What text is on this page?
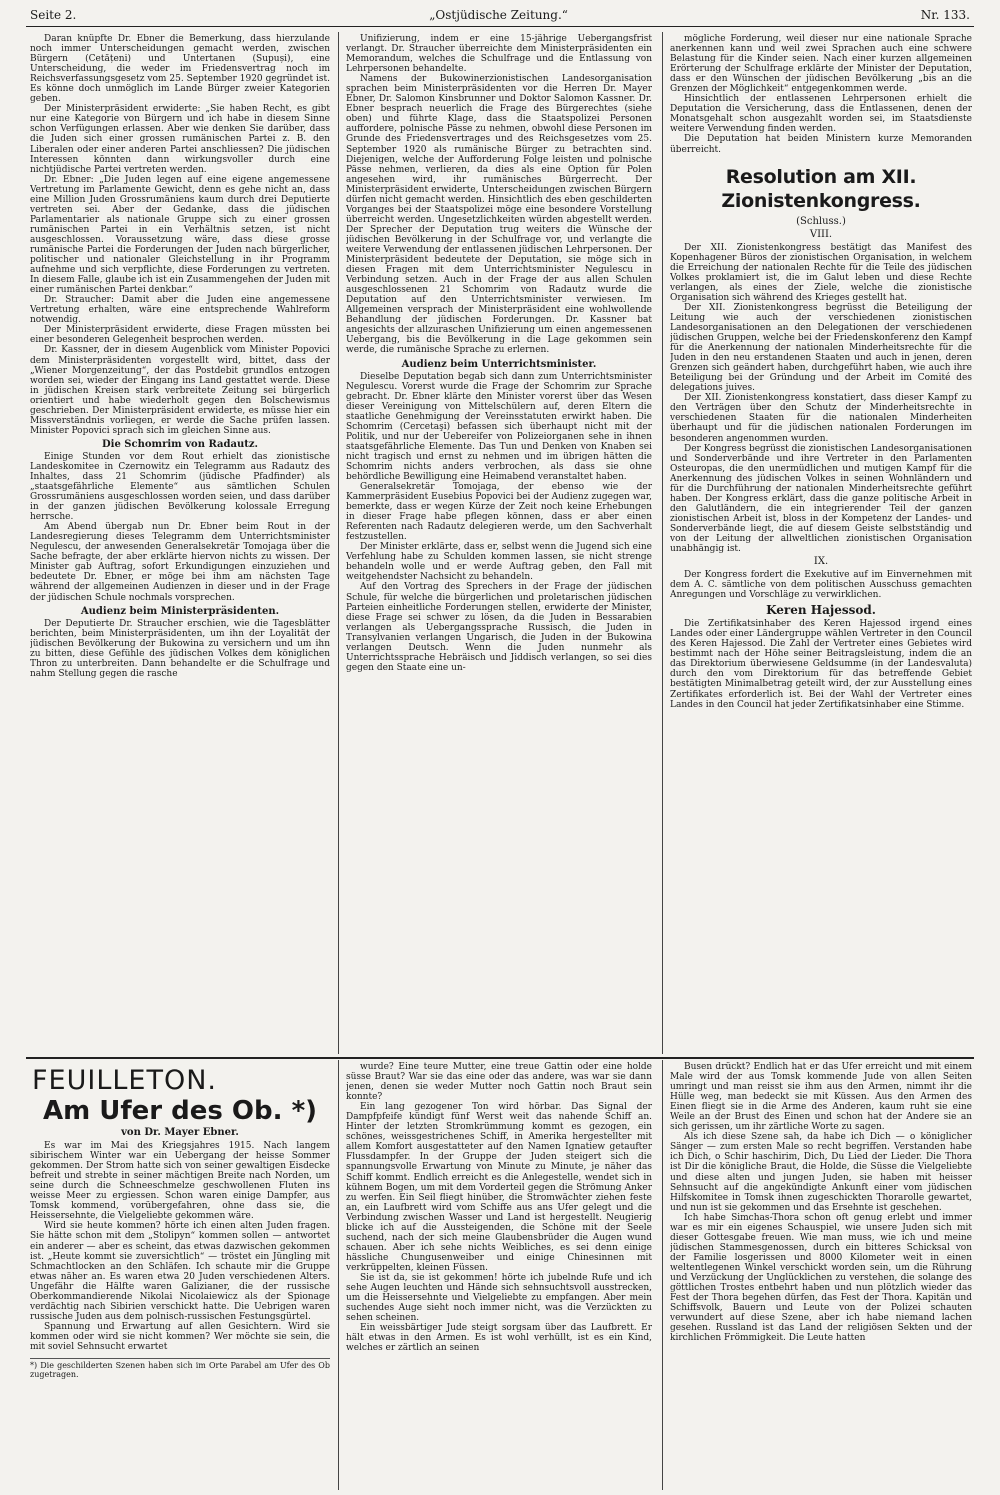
Seite 2.	„Ostjüdische Zeitung.“	Nr. 133.

Daran knüpfte Dr. Ebner die Bemerkung, dass hierzulande noch immer Unterscheidungen gemacht werden, zwischen Bürgern (Cetățeni) und Untertanen (Supuși), eine Unterscheidung, die weder im Friedensvertrag noch im Reichsverfassungsgesetz vom 25. September 1920 gegründet ist. Es könne doch unmöglich im Lande Bürger zweier Kategorien geben.

Der Ministerpräsident erwiderte: „Sie haben Recht, es gibt nur eine Kategorie von Bürgern und ich habe in diesem Sinne schon Verfügungen erlassen. Aber wie denken Sie darüber, dass die Juden sich einer grossen rumänischen Partei z. B. den Liberalen oder einer anderen Partei anschliessen? Die jüdischen Interessen könnten dann wirkungsvoller durch eine nichtjüdische Partei vertreten werden.

Dr. Ebner: „Die Juden legen auf eine eigene angemessene Vertretung im Parlamente Gewicht, denn es gehe nicht an, dass eine Million Juden Grossrumäniens kaum durch drei Deputierte vertreten sei. Aber der Gedanke, dass die jüdischen Parlamentarier als nationale Gruppe sich zu einer grossen rumänischen Partei in ein Verhältnis setzen, ist nicht ausgeschlossen. Voraussetzung wäre, dass diese grosse rumänische Partei die Forderungen der Juden nach bürgerlicher, politischer und nationaler Gleichstellung in ihr Programm aufnehme und sich verpflichte, diese Forderungen zu vertreten. In diesem Falle, glaube ich ist ein Zusammengehen der Juden mit einer rumänischen Partei denkbar.“

Dr. Straucher: Damit aber die Juden eine angemessene Vertretung erhalten, wäre eine entsprechende Wahlreform notwendig.

Der Ministerpräsident erwiderte, diese Fragen müssten bei einer besonderen Gelegenheit besprochen werden.

Dr. Kassner, der in diesem Augenblick vom Minister Popovici dem Ministerpräsidenten vorgestellt wird, bittet, dass der „Wiener Morgenzeitung“, der das Postdebit grundlos entzogen worden sei, wieder der Eingang ins Land gestattet werde. Diese in jüdischen Kreisen stark verbreitete Zeitung sei bürgerlich orientiert und habe wiederholt gegen den Bolschewismus geschrieben. Der Ministerpräsident erwiderte, es müsse hier ein Missverständnis vorliegen, er werde die Sache prüfen lassen. Minister Popovici sprach sich im gleichen Sinne aus.

Die Schomrim von Radautz.

Einige Stunden vor dem Rout erhielt das zionistische Landeskomitee in Czernowitz ein Telegramm aus Radautz des Inhaltes, dass 21 Schomrim (jüdische Pfadfinder) als „staatsgefährliche Elemente“ aus sämtlichen Schulen Grossrumäniens ausgeschlossen worden seien, und dass darüber in der ganzen jüdischen Bevölkerung kolossale Erregung herrsche.

Am Abend übergab nun Dr. Ebner beim Rout in der Landesregierung dieses Telegramm dem Unterrichtsminister Negulescu, der anwesenden Generalsekretär Tomojaga über die Sache befragte, der aber erklärte hiervon nichts zu wissen. Der Minister gab Auftrag, sofort Erkundigungen einzuziehen und bedeutete Dr. Ebner, er möge bei ihm am nächsten Tage während der allgemeinen Audienzen in dieser und in der Frage der jüdischen Schule nochmals vorsprechen.

Audienz beim Ministerpräsidenten.

Der Deputierte Dr. Straucher erschien, wie die Tagesblätter berichten, beim Ministerpräsidenten, um ihn der Loyalität der jüdischen Bevölkerung der Bukowina zu versichern und um ihn zu bitten, diese Gefühle des jüdischen Volkes dem königlichen Thron zu unterbreiten. Dann behandelte er die Schulfrage und nahm Stellung gegen die rasche

Unifizierung, indem er eine 15-jährige Uebergangsfrist verlangt. Dr. Straucher überreichte dem Ministerpräsidenten ein Memorandum, welches die Schulfrage und die Entlassung von Lehrpersonen behandelte.

Namens der Bukowinerzionistischen Landesorganisation sprachen beim Ministerpräsidenten vor die Herren Dr. Mayer Ebner, Dr. Salomon Kinsbrunner und Doktor Salomon Kassner. Dr. Ebner besprach neuerlich die Frage des Bürgerechtes (siehe oben) und führte Klage, dass die Staatspolizei Personen auffordere, polnische Pässe zu nehmen, obwohl diese Personen im Grunde des Friedensvertrages und des Reichsgesetzes vom 25. September 1920 als rumänische Bürger zu betrachten sind. Diejenigen, welche der Aufforderung Folge leisten und polnische Pässe nehmen, verlieren, da dies als eine Option für Polen angesehen wird, ihr rumänisches Bürgerrecht. Der Ministerpräsident erwiderte, Unterscheidungen zwischen Bürgern dürfen nicht gemacht werden. Hinsichtlich des eben geschilderten Vorganges bei der Staatspolizei möge eine besondere Vorstellung überreicht werden. Ungesetzlichkeiten würden abgestellt werden. Der Sprecher der Deputation trug weiters die Wünsche der jüdischen Bevölkerung in der Schulfrage vor, und verlangte die weitere Verwendung der entlassenen jüdischen Lehrpersonen. Der Ministerpräsident bedeutete der Deputation, sie möge sich in diesen Fragen mit dem Unterrichtsminister Negulescu in Verbindung setzen. Auch in der Frage der aus allen Schulen ausgeschlossenen 21 Schomrim von Radautz wurde die Deputation auf den Unterrichtsminister verwiesen. Im Allgemeinen versprach der Ministerpräsident eine wohlwollende Behandlung der jüdischen Forderungen. Dr. Kassner bat angesichts der allzuraschen Unifizierung um einen angemessenen Uebergang, bis die Bevölkerung in die Lage gekommen sein werde, die rumänische Sprache zu erlernen.

Audienz beim Unterrichtsminister.

Dieselbe Deputation begab sich dann zum Unterrichtsminister Negulescu. Vorerst wurde die Frage der Schomrim zur Sprache gebracht. Dr. Ebner klärte den Minister vorerst über das Wesen dieser Vereinigung von Mittelschülern auf, deren Eltern die staatliche Genehmigung der Vereinsstatuten erwirkt haben. Die Schomrim (Cercetaşi) befassen sich überhaupt nicht mit der Politik, und nur der Uebereifer von Polizeiorganen sehe in ihnen staatsgefährliche Elemente. Das Tun und Denken von Knaben sei nicht tragisch und ernst zu nehmen und im übrigen hätten die Schomrim nichts anders verbrochen, als dass sie ohne behördliche Bewilligung eine Heimabend veranstaltet haben.

Generalsekretär Tomojaga, der ebenso wie der Kammerpräsident Eusebius Popovici bei der Audienz zugegen war, bemerkte, dass er wegen Kürze der Zeit noch keine Erhebungen in dieser Frage habe pflegen können, dass er aber einen Referenten nach Radautz delegieren werde, um den Sachverhalt festzustellen.

Der Minister erklärte, dass er, selbst wenn die Jugend sich eine Verfehlung habe zu Schulden kommen lassen, sie nicht strenge behandeln wolle und er werde Auftrag geben, den Fall mit weitgehendster Nachsicht zu behandeln.

Auf den Vortrag des Sprechers in der Frage der jüdischen Schule, für welche die bürgerlichen und proletarischen jüdischen Parteien einheitliche Forderungen stellen, erwiderte der Minister, diese Frage sei schwer zu lösen, da die Juden in Bessarabien verlangen als Uebergangssprache Russisch, die Juden in Transylvanien verlangen Ungarisch, die Juden in der Bukowina verlangen Deutsch. Wenn die Juden nunmehr als Unterrichtssprache Hebräisch und Jiddisch verlangen, so sei dies gegen den Staate eine un-

mögliche Forderung, weil dieser nur eine nationale Sprache anerkennen kann und weil zwei Sprachen auch eine schwere Belastung für die Kinder seien. Nach einer kurzen allgemeinen Erörterung der Schulfrage erklärte der Minister der Deputation, dass er den Wünschen der jüdischen Bevölkerung „bis an die Grenzen der Möglichkeit“ entgegenkommen werde.

Hinsichtlich der entlassenen Lehrpersonen erhielt die Deputation die Versicherung, dass die Entlassenen, denen der Monatsgehalt schon ausgezahlt worden sei, im Staatsdienste weitere Verwendung finden werden.

Die Deputation hat beiden Ministern kurze Memoranden überreicht.

Resolution am XII. Zionistenkongress.
(Schluss.)
VIII.

Der XII. Zionistenkongress bestätigt das Manifest des Kopenhagener Büros der zionistischen Organisation, in welchem die Erreichung der nationalen Rechte für die Teile des jüdischen Volkes proklamiert ist, die im Galut leben und diese Rechte verlangen, als eines der Ziele, welche die zionistische Organisation sich während des Krieges gestellt hat.

Der XII. Zionistenkongress begrüsst die Beteiligung der Leitung wie auch der verschiedenen zionistischen Landesorganisationen an den Delegationen der verschiedenen jüdischen Gruppen, welche bei der Friedenskonferenz den Kampf für die Anerkennung der nationalen Minderheitsrechte für die Juden in den neu erstandenen Staaten und auch in jenen, deren Grenzen sich geändert haben, durchgeführt haben, wie auch ihre Beteiligung bei der Gründung und der Arbeit im Comité des delegations juives.

Der XII. Zionistenkongress konstatiert, dass dieser Kampf zu den Verträgen über den Schutz der Minderheitsrechte in verschiedenen Staaten für die nationalen Minderheiten überhaupt und für die jüdischen nationalen Forderungen im besonderen angenommen wurden.

Der Kongress begrüsst die zionistischen Landesorganisationen und Sonderverbände und ihre Vertreter in den Parlamenten Osteuropas, die den unermüdlichen und mutigen Kampf für die Anerkennung des jüdischen Volkes in seinen Wohnländern und für die Durchführung der nationalen Minderheitsrechte geführt haben. Der Kongress erklärt, dass die ganze politische Arbeit in den Galutländern, die ein integrierender Teil der ganzen zionistischen Arbeit ist, bloss in der Kompetenz der Landes- und Sonderverbände liegt, die auf diesem Geiste selbstständig und von der Leitung der allweltlichen zionistischen Organisation unabhängig ist.

IX.

Der Kongress fordert die Exekutive auf im Einvernehmen mit dem A. C. sämtliche von dem politischen Ausschuss gemachten Anregungen und Vorschläge zu verwirklichen.

Keren Hajessod.

Die Zertifikatsinhaber des Keren Hajessod irgend eines Landes oder einer Ländergruppe wählen Vertreter in den Council des Keren Hajessod. Die Zahl der Vertreter eines Gebietes wird bestimmt nach der Höhe seiner Beitragsleistung, indem die an das Direktorium überwiesene Geldsumme (in der Landesvaluta) durch den vom Direktorium für das betreffende Gebiet bestätigten Minimalbetrag geteilt wird, der zur Ausstellung eines Zertifikates erforderlich ist. Bei der Wahl der Vertreter eines Landes in den Council hat jeder Zertifikatsinhaber eine Stimme.

FEUILLETON.
Am Ufer des Ob. *)
von Dr. Mayer Ebner.

Es war im Mai des Kriegsjahres 1915. Nach langem sibirischem Winter war ein Uebergang der heisse Sommer gekommen. Der Strom hatte sich von seiner gewaltigen Eisdecke befreit und strebte in seiner mächtigen Breite nach Norden, um seine durch die Schneeschmelze geschwollenen Fluten ins weisse Meer zu ergiessen. Schon waren einige Dampfer, aus Tomsk kommend, vorübergefahren, ohne dass sie, die Heissersehnte, die Vielgeliebte gekommen wäre.

Wird sie heute kommen? hörte ich einen alten Juden fragen. Sie hätte schon mit dem „Stolipyn“ kommen sollen — antwortet ein anderer — aber es scheint, das etwas dazwischen gekommen ist. „Heute kommt sie zuversichtlich“ — tröstet ein Jüngling mit Schmachtlocken an den Schläfen. Ich schaute mir die Gruppe etwas näher an. Es waren etwa 20 Juden verschiedenen Alters. Ungefähr die Hälfte waren Galizianer, die der russische Oberkommandierende Nikolai Nicolaiewicz als der Spionage verdächtig nach Sibirien verschickt hatte. Die Uebrigen waren russische Juden aus dem polnisch-russischen Festungsgürtel.

Spannung und Erwartung auf allen Gesichtern. Wird sie kommen oder wird sie nicht kommen? Wer möchte sie sein, die mit soviel Sehnsucht erwartet

*) Die geschilderten Szenen haben sich im Orte Parabel am Ufer des Ob zugetragen.

wurde? Eine teure Mutter, eine treue Gattin oder eine holde süsse Braut? War sie das eine oder das andere, was war sie dann jenen, denen sie weder Mutter noch Gattin noch Braut sein konnte?

Ein lang gezogener Ton wird hörbar. Das Signal der Dampfpfeife kündigt fünf Werst weit das nahende Schiff an. Hinter der letzten Stromkrümmung kommt es gezogen, ein schönes, weissgestrichenes Schiff, in Amerika hergestellter mit allem Komfort ausgestatteter auf den Namen Ignatiew getaufter Flussdampfer. In der Gruppe der Juden steigert sich die spannungsvolle Erwartung von Minute zu Minute, je näher das Schiff kommt. Endlich erreicht es die Anlegestelle, wendet sich in kühnem Bogen, um mit dem Vorderteil gegen die Strömung Anker zu werfen. Ein Seil fliegt hinüber, die Stromwächter ziehen feste an, ein Laufbrett wird vom Schiffe aus ans Ufer gelegt und die Verbindung zwischen Wasser und Land ist hergestellt. Neugierig blicke ich auf die Aussteigenden, die Schöne mit der Seele suchend, nach der sich meine Glaubensbrüder die Augen wund schauen. Aber ich sehe nichts Weibliches, es sei denn einige hässliche Chungusenweiber und einige Chinesinnen mit verkrüppelten, kleinen Füssen.

Sie ist da, sie ist gekommen! hörte ich jubelnde Rufe und ich sehe Augen leuchten und Hände sich sehnsuchtsvoll ausstrecken, um die Heissersehnte und Vielgeliebte zu empfangen. Aber mein suchendes Auge sieht noch immer nicht, was die Verzückten zu sehen scheinen.

Ein weissbärtiger Jude steigt sorgsam über das Laufbrett. Er hält etwas in den Armen. Es ist wohl verhüllt, ist es ein Kind, welches er zärtlich an seinen

Busen drückt? Endlich hat er das Ufer erreicht und mit einem Male wird der aus Tomsk kommende Jude von allen Seiten umringt und man reisst sie ihm aus den Armen, nimmt ihr die Hülle weg, man bedeckt sie mit Küssen. Aus den Armen des Einen fliegt sie in die Arme des Anderen, kaum ruht sie eine Weile an der Brust des Einen und schon hat der Andere sie an sich gerissen, um ihr zärtliche Worte zu sagen.

Als ich diese Szene sah, da habe ich Dich — o königlicher Sänger — zum ersten Male so recht begriffen. Verstanden habe ich Dich, o Schir haschirim, Dich, Du Lied der Lieder. Die Thora ist Dir die königliche Braut, die Holde, die Süsse die Vielgeliebte und diese alten und jungen Juden, sie haben mit heisser Sehnsucht auf die angekündigte Ankunft einer vom jüdischen Hilfskomitee in Tomsk ihnen zugeschickten Thorarolle gewartet, und nun ist sie gekommen und das Ersehnte ist geschehen.

Ich habe Simchas-Thora schon oft genug erlebt und immer war es mir ein eigenes Schauspiel, wie unsere Juden sich mit dieser Gottesgabe freuen. Wie man muss, wie ich und meine jüdischen Stammesgenossen, durch ein bitteres Schicksal von der Familie losgerissen und 8000 Kilometer weit in einen weltentlegenen Winkel verschickt worden sein, um die Rührung und Verzückung der Unglücklichen zu verstehen, die solange des göttlichen Trostes entbehrt haben und nun plötzlich wieder das Fest der Thora begehen dürfen, das Fest der Thora. Kapitän und Schiffsvolk, Bauern und Leute von der Polizei schauten verwundert auf diese Szene, aber ich habe niemand lachen gesehen. Russland ist das Land der religiösen Sekten und der kirchlichen Frömmigkeit. Die Leute hatten
